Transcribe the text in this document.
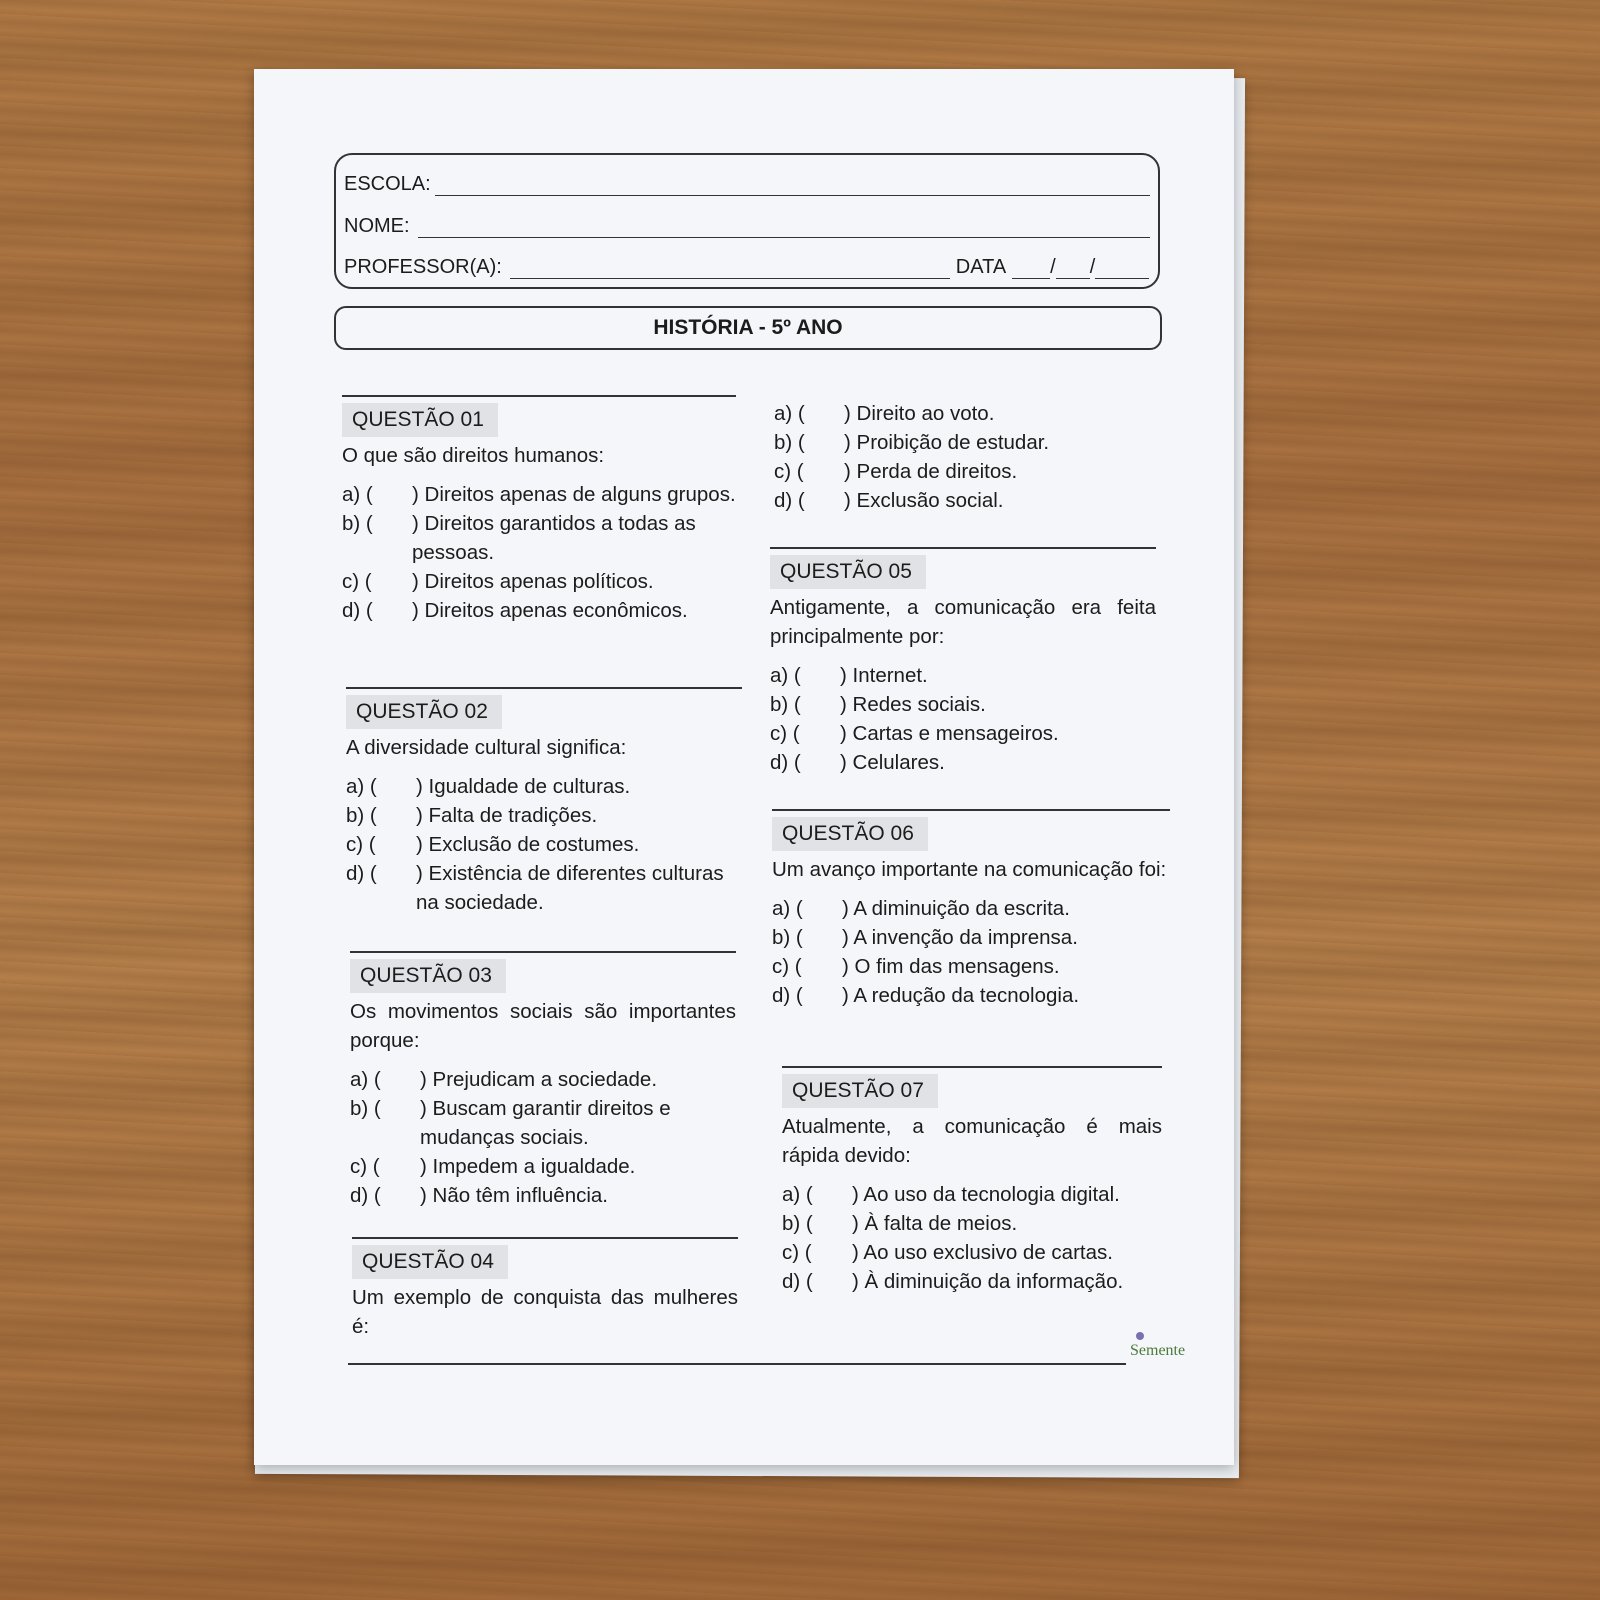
ESCOLA:
NOME:
PROFESSOR(A):	DATA / /
HISTÓRIA - 5º ANO
QUESTÃO 01
O que são direitos humanos:
a) (	) Direitos apenas de alguns grupos.
b) (	) Direitos garantidos a todas as pessoas.
c) (	) Direitos apenas políticos.
d) (	) Direitos apenas econômicos.
QUESTÃO 02
A diversidade cultural significa:
a) (	) Igualdade de culturas.
b) (	) Falta de tradições.
c) (	) Exclusão de costumes.
d) (	) Existência de diferentes culturas na sociedade.
QUESTÃO 03
Os movimentos sociais são importantes porque:
a) (	) Prejudicam a sociedade.
b) (	) Buscam garantir direitos e mudanças sociais.
c) (	) Impedem a igualdade.
d) (	) Não têm influência.
QUESTÃO 04
Um exemplo de conquista das mulheres é:
a) (	) Direito ao voto.
b) (	) Proibição de estudar.
c) (	) Perda de direitos.
d) (	) Exclusão social.
QUESTÃO 05
Antigamente, a comunicação era feita principalmente por:
a) (	) Internet.
b) (	) Redes sociais.
c) (	) Cartas e mensageiros.
d) (	) Celulares.
QUESTÃO 06
Um avanço importante na comunicação foi:
a) (	) A diminuição da escrita.
b) (	) A invenção da imprensa.
c) (	) O fim das mensagens.
d) (	) A redução da tecnologia.
QUESTÃO 07
Atualmente, a comunicação é mais rápida devido:
a) (	) Ao uso da tecnologia digital.
b) (	) À falta de meios.
c) (	) Ao uso exclusivo de cartas.
d) (	) À diminuição da informação.
Semente
